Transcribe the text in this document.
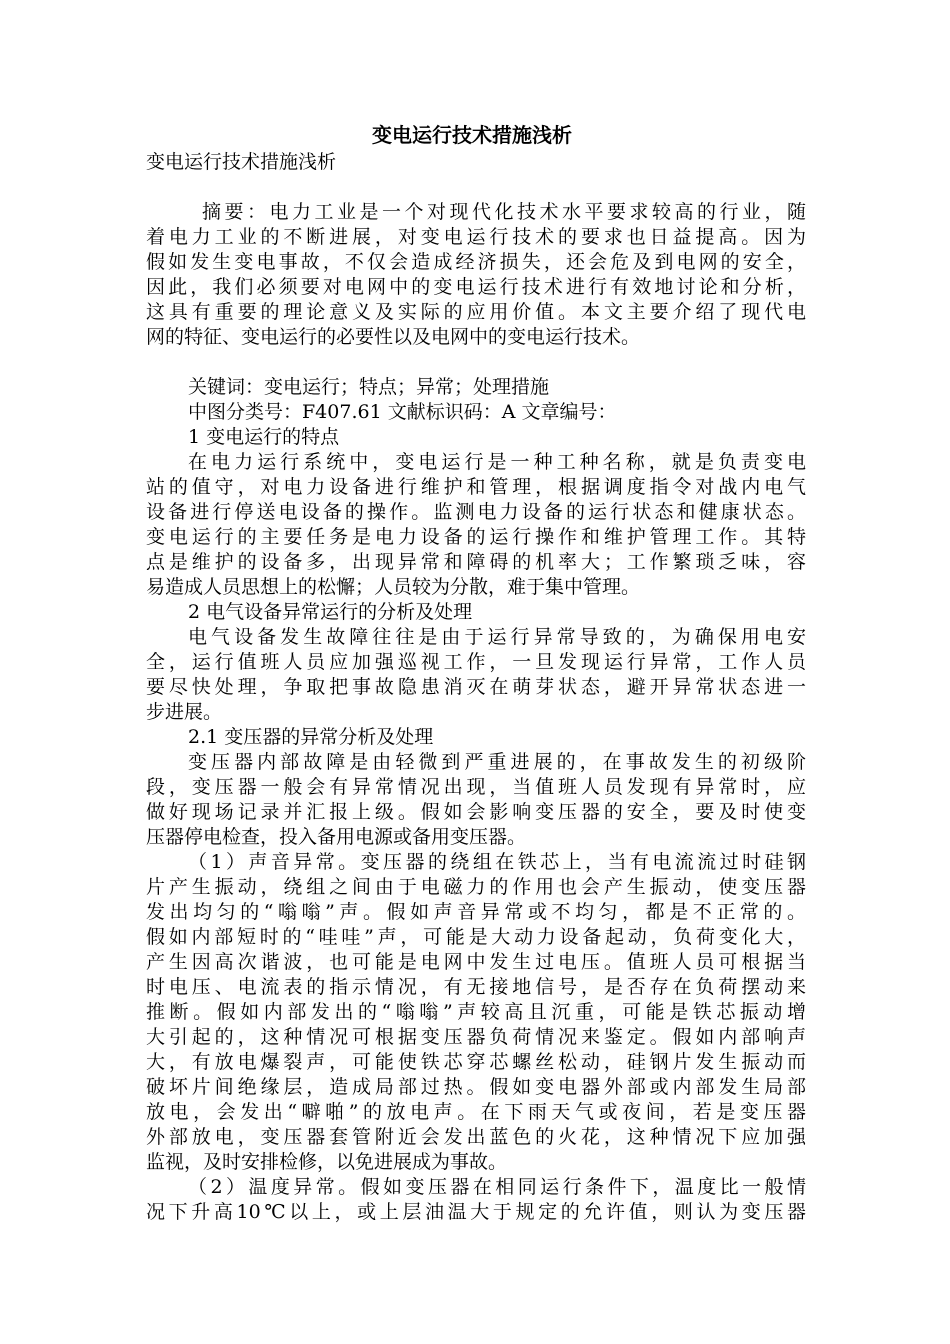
变电运行技术措施浅析
变电运行技术措施浅析
摘要：电力工业是一个对现代化技术水平要求较高的行业，随
着电力工业的不断进展，对变电运行技术的要求也日益提高。因为
假如发生变电事故，不仅会造成经济损失，还会危及到电网的安全，
因此，我们必须要对电网中的变电运行技术进行有效地讨论和分析，
这具有重要的理论意义及实际的应用价值。本文主要介绍了现代电
网的特征、变电运行的必要性以及电网中的变电运行技术。
关键词：变电运行；特点；异常；处理措施
中图分类号：F407.61 文献标识码：A 文章编号：
1 变电运行的特点
在电力运行系统中，变电运行是一种工种名称，就是负责变电
站的值守，对电力设备进行维护和管理，根据调度指令对战内电气
设备进行停送电设备的操作。监测电力设备的运行状态和健康状态。
变电运行的主要任务是电力设备的运行操作和维护管理工作。其特
点是维护的设备多，出现异常和障碍的机率大；工作繁琐乏味，容
易造成人员思想上的松懈；人员较为分散，难于集中管理。
2 电气设备异常运行的分析及处理
电气设备发生故障往往是由于运行异常导致的，为确保用电安
全，运行值班人员应加强巡视工作，一旦发现运行异常，工作人员
要尽快处理，争取把事故隐患消灭在萌芽状态，避开异常状态进一
步进展。
2.1 变压器的异常分析及处理
变压器内部故障是由轻微到严重进展的，在事故发生的初级阶
段，变压器一般会有异常情况出现，当值班人员发现有异常时，应
做好现场记录并汇报上级。假如会影响变压器的安全，要及时使变
压器停电检查，投入备用电源或备用变压器。
（1）声音异常。变压器的绕组在铁芯上，当有电流流过时硅钢
片产生振动，绕组之间由于电磁力的作用也会产生振动，使变压器
发出均匀的“嗡嗡”声。假如声音异常或不均匀，都是不正常的。
假如内部短时的“哇哇”声，可能是大动力设备起动，负荷变化大，
产生因高次谐波，也可能是电网中发生过电压。值班人员可根据当
时电压、电流表的指示情况，有无接地信号，是否存在负荷摆动来
推断。假如内部发出的“嗡嗡”声较高且沉重，可能是铁芯振动增
大引起的，这种情况可根据变压器负荷情况来鉴定。假如内部响声
大，有放电爆裂声，可能使铁芯穿芯螺丝松动，硅钢片发生振动而
破坏片间绝缘层，造成局部过热。假如变电器外部或内部发生局部
放电，会发出“噼啪”的放电声。在下雨天气或夜间，若是变压器
外部放电，变压器套管附近会发出蓝色的火花，这种情况下应加强
监视，及时安排检修，以免进展成为事故。
（2）温度异常。假如变压器在相同运行条件下，温度比一般情
况下升高10℃以上，或上层油温大于规定的允许值，则认为变压器
